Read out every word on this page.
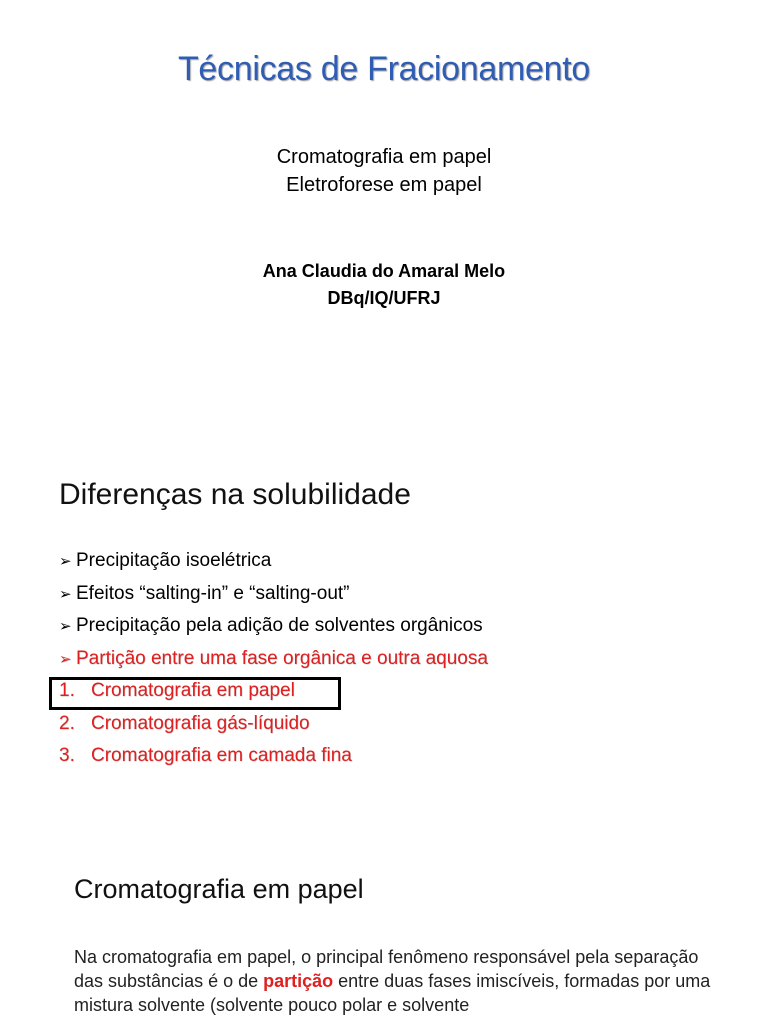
Técnicas de Fracionamento
Cromatografia em papel
Eletroforese em papel
Ana Claudia do Amaral Melo
DBq/IQ/UFRJ
Diferenças na solubilidade
➢ Precipitação isoelétrica
➢ Efeitos “salting-in” e “salting-out”
➢ Precipitação pela adição de solventes orgânicos
➢ Partição entre uma fase orgânica e outra aquosa
1. Cromatografia em papel
2. Cromatografia gás-líquido
3. Cromatografia em camada fina
Cromatografia em papel
Na cromatografia em papel, o principal fenômeno responsável pela separação das substâncias é o de partição entre duas fases imiscíveis, formadas por uma mistura solvente (solvente pouco polar e solvente
